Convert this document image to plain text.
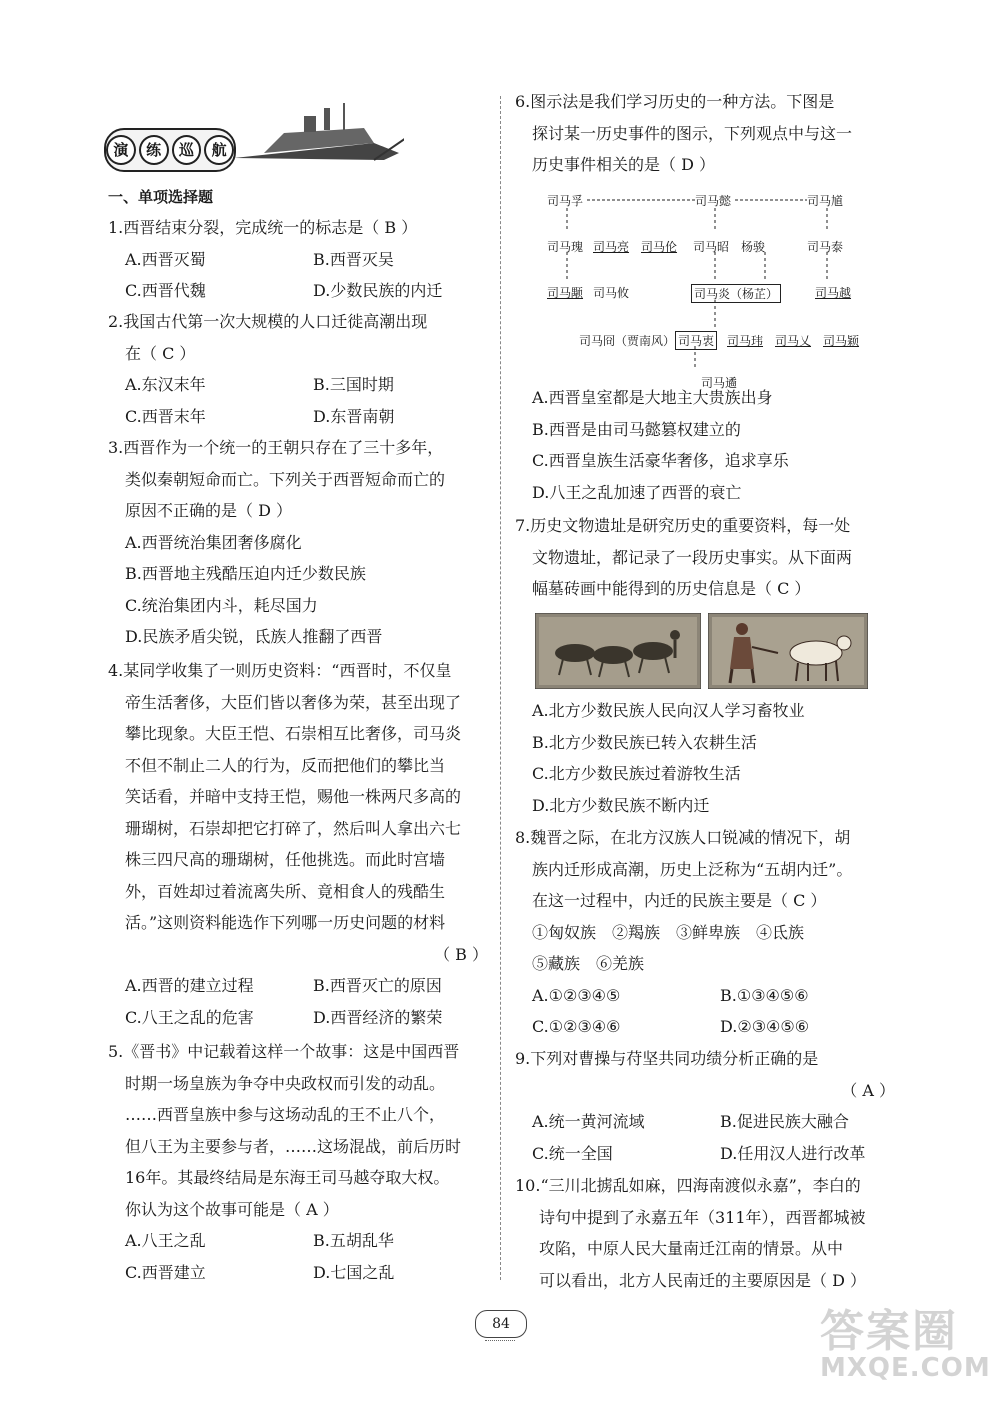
演	练	巡	航
一、单项选择题
1.西晋结束分裂，完成统一的标志是（ B ）
A.西晋灭蜀	B.西晋灭吴
C.西晋代魏	D.少数民族的内迁
2.我国古代第一次大规模的人口迁徙高潮出现
在（ C ）
A.东汉末年	B.三国时期
C.西晋末年	D.东晋南朝
3.西晋作为一个统一的王朝只存在了三十多年，
类似秦朝短命而亡。下列关于西晋短命而亡的
原因不正确的是（ D ）
A.西晋统治集团奢侈腐化
B.西晋地主残酷压迫内迁少数民族
C.统治集团内斗，耗尽国力
D.民族矛盾尖锐，氐族人推翻了西晋
4.某同学收集了一则历史资料：“西晋时，不仅皇
帝生活奢侈，大臣们皆以奢侈为荣，甚至出现了
攀比现象。大臣王恺、石崇相互比奢侈，司马炎
不但不制止二人的行为，反而把他们的攀比当
笑话看，并暗中支持王恺，赐他一株两尺多高的
珊瑚树，石崇却把它打碎了，然后叫人拿出六七
株三四尺高的珊瑚树，任他挑选。而此时宫墙
外，百姓却过着流离失所、竟相食人的残酷生
活。”这则资料能选作下列哪一历史问题的材料
（ B ）
A.西晋的建立过程	B.西晋灭亡的原因
C.八王之乱的危害	D.西晋经济的繁荣
5.《晋书》中记载着这样一个故事：这是中国西晋
时期一场皇族为争夺中央政权而引发的动乱。
……西晋皇族中参与这场动乱的王不止八个，
但八王为主要参与者，……这场混战，前后历时
16年。其最终结局是东海王司马越夺取大权。
你认为这个故事可能是（ A ）
A.八王之乱	B.五胡乱华
C.西晋建立	D.七国之乱
6.图示法是我们学习历史的一种方法。下图是
探讨某一历史事件的图示，下列观点中与这一
历史事件相关的是（ D ）
司马孚	司马懿	司马馗
司马瑰 司马亮 司马伦 司马昭 杨骏	司马泰
司马颙 司马攸	司马炎（杨芷）	司马越
司马冏（贾南风） 司马衷 司马玮 司马乂 司马颖
司马遹
A.西晋皇室都是大地主大贵族出身
B.西晋是由司马懿篡权建立的
C.西晋皇族生活豪华奢侈，追求享乐
D.八王之乱加速了西晋的衰亡
7.历史文物遗址是研究历史的重要资料，每一处
文物遗址，都记录了一段历史事实。从下面两
幅墓砖画中能得到的历史信息是（ C ）
A.北方少数民族人民向汉人学习畜牧业
B.北方少数民族已转入农耕生活
C.北方少数民族过着游牧生活
D.北方少数民族不断内迁
8.魏晋之际，在北方汉族人口锐减的情况下，胡
族内迁形成高潮，历史上泛称为“五胡内迁”。
在这一过程中，内迁的民族主要是（ C ）
①匈奴族　②羯族　③鲜卑族　④氐族
⑤藏族　⑥羌族
A.①②③④⑤	B.①③④⑤⑥
C.①②③④⑥	D.②③④⑤⑥
9.下列对曹操与苻坚共同功绩分析正确的是
（ A ）
A.统一黄河流域	B.促进民族大融合
C.统一全国	D.任用汉人进行改革
10.“三川北掳乱如麻，四海南渡似永嘉”，李白的
诗句中提到了永嘉五年（311年），西晋都城被
攻陷，中原人民大量南迁江南的情景。从中
可以看出，北方人民南迁的主要原因是（ D ）
84	答案圈
MXQE.COM
